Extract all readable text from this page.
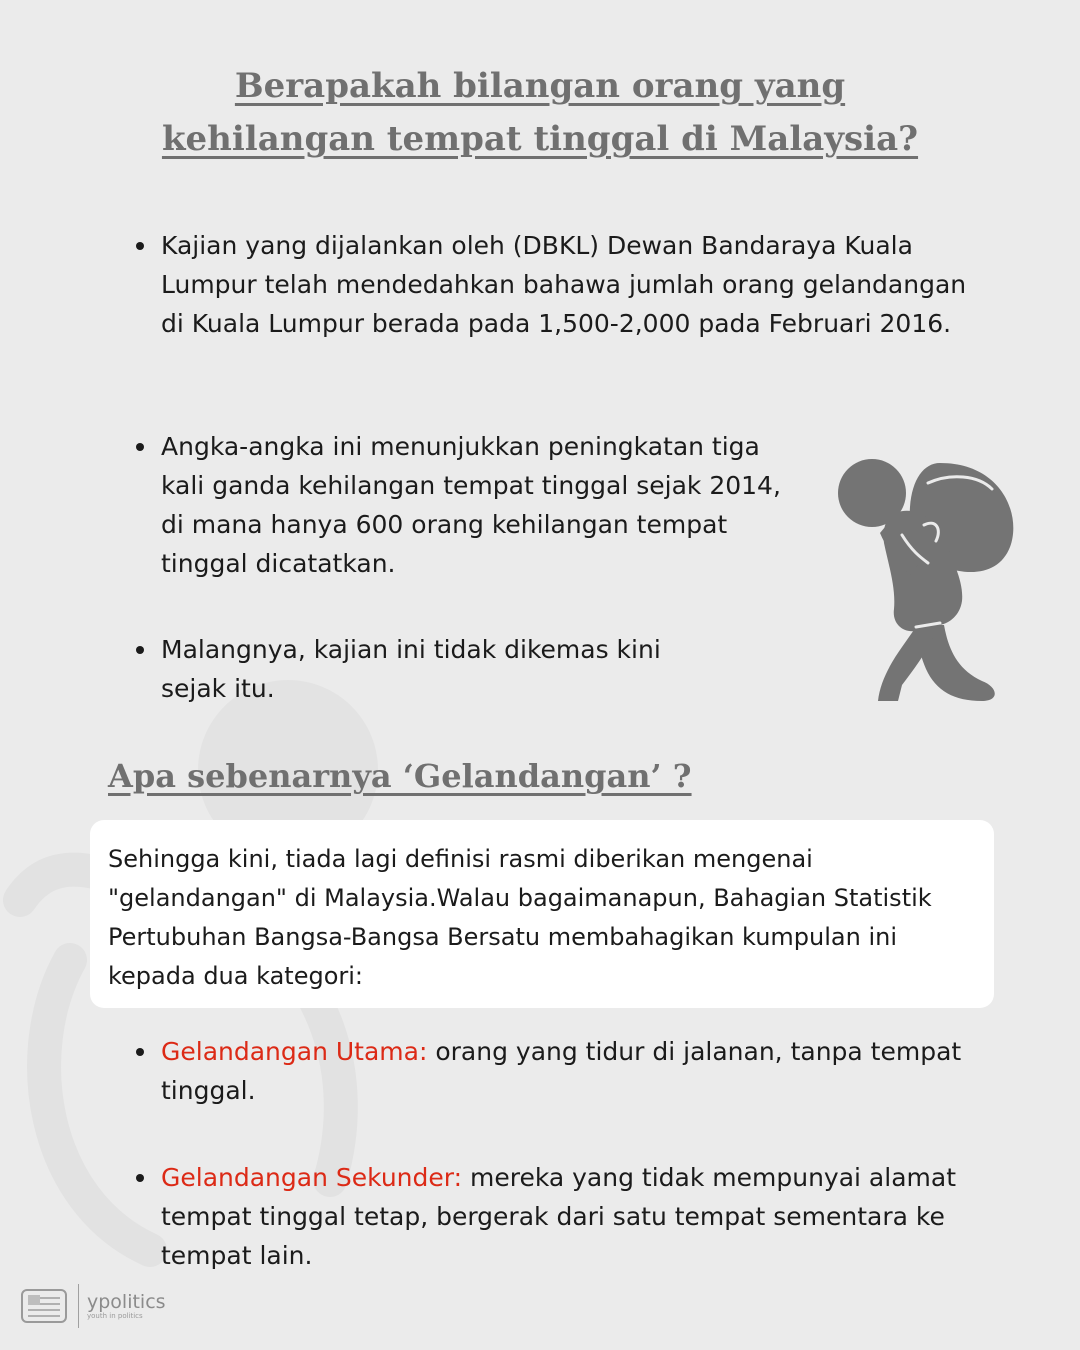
Berapakah bilangan orang yang
kehilangan tempat tinggal di Malaysia?
Kajian yang dijalankan oleh (DBKL) Dewan Bandaraya Kuala Lumpur telah mendedahkan bahawa jumlah orang gelandangan di Kuala Lumpur berada pada 1,500-2,000 pada Februari 2016.
Angka-angka ini menunjukkan peningkatan tiga kali ganda kehilangan tempat tinggal sejak 2014, di mana hanya 600 orang kehilangan tempat tinggal dicatatkan.
Malangnya, kajian ini tidak dikemas kini sejak itu.
Apa sebenarnya ‘Gelandangan’ ?

Sehingga kini, tiada lagi definisi rasmi diberikan mengenai "gelandangan" di Malaysia.Walau bagaimanapun, Bahagian Statistik Pertubuhan Bangsa-Bangsa Bersatu membahagikan kumpulan ini kepada dua kategori:

Gelandangan Utama: orang yang tidur di jalanan, tanpa tempat tinggal.
Gelandangan Sekunder: mereka yang tidak mempunyai alamat tempat tinggal tetap, bergerak dari satu tempat sementara ke tempat lain.
ypolitics
youth in politics
